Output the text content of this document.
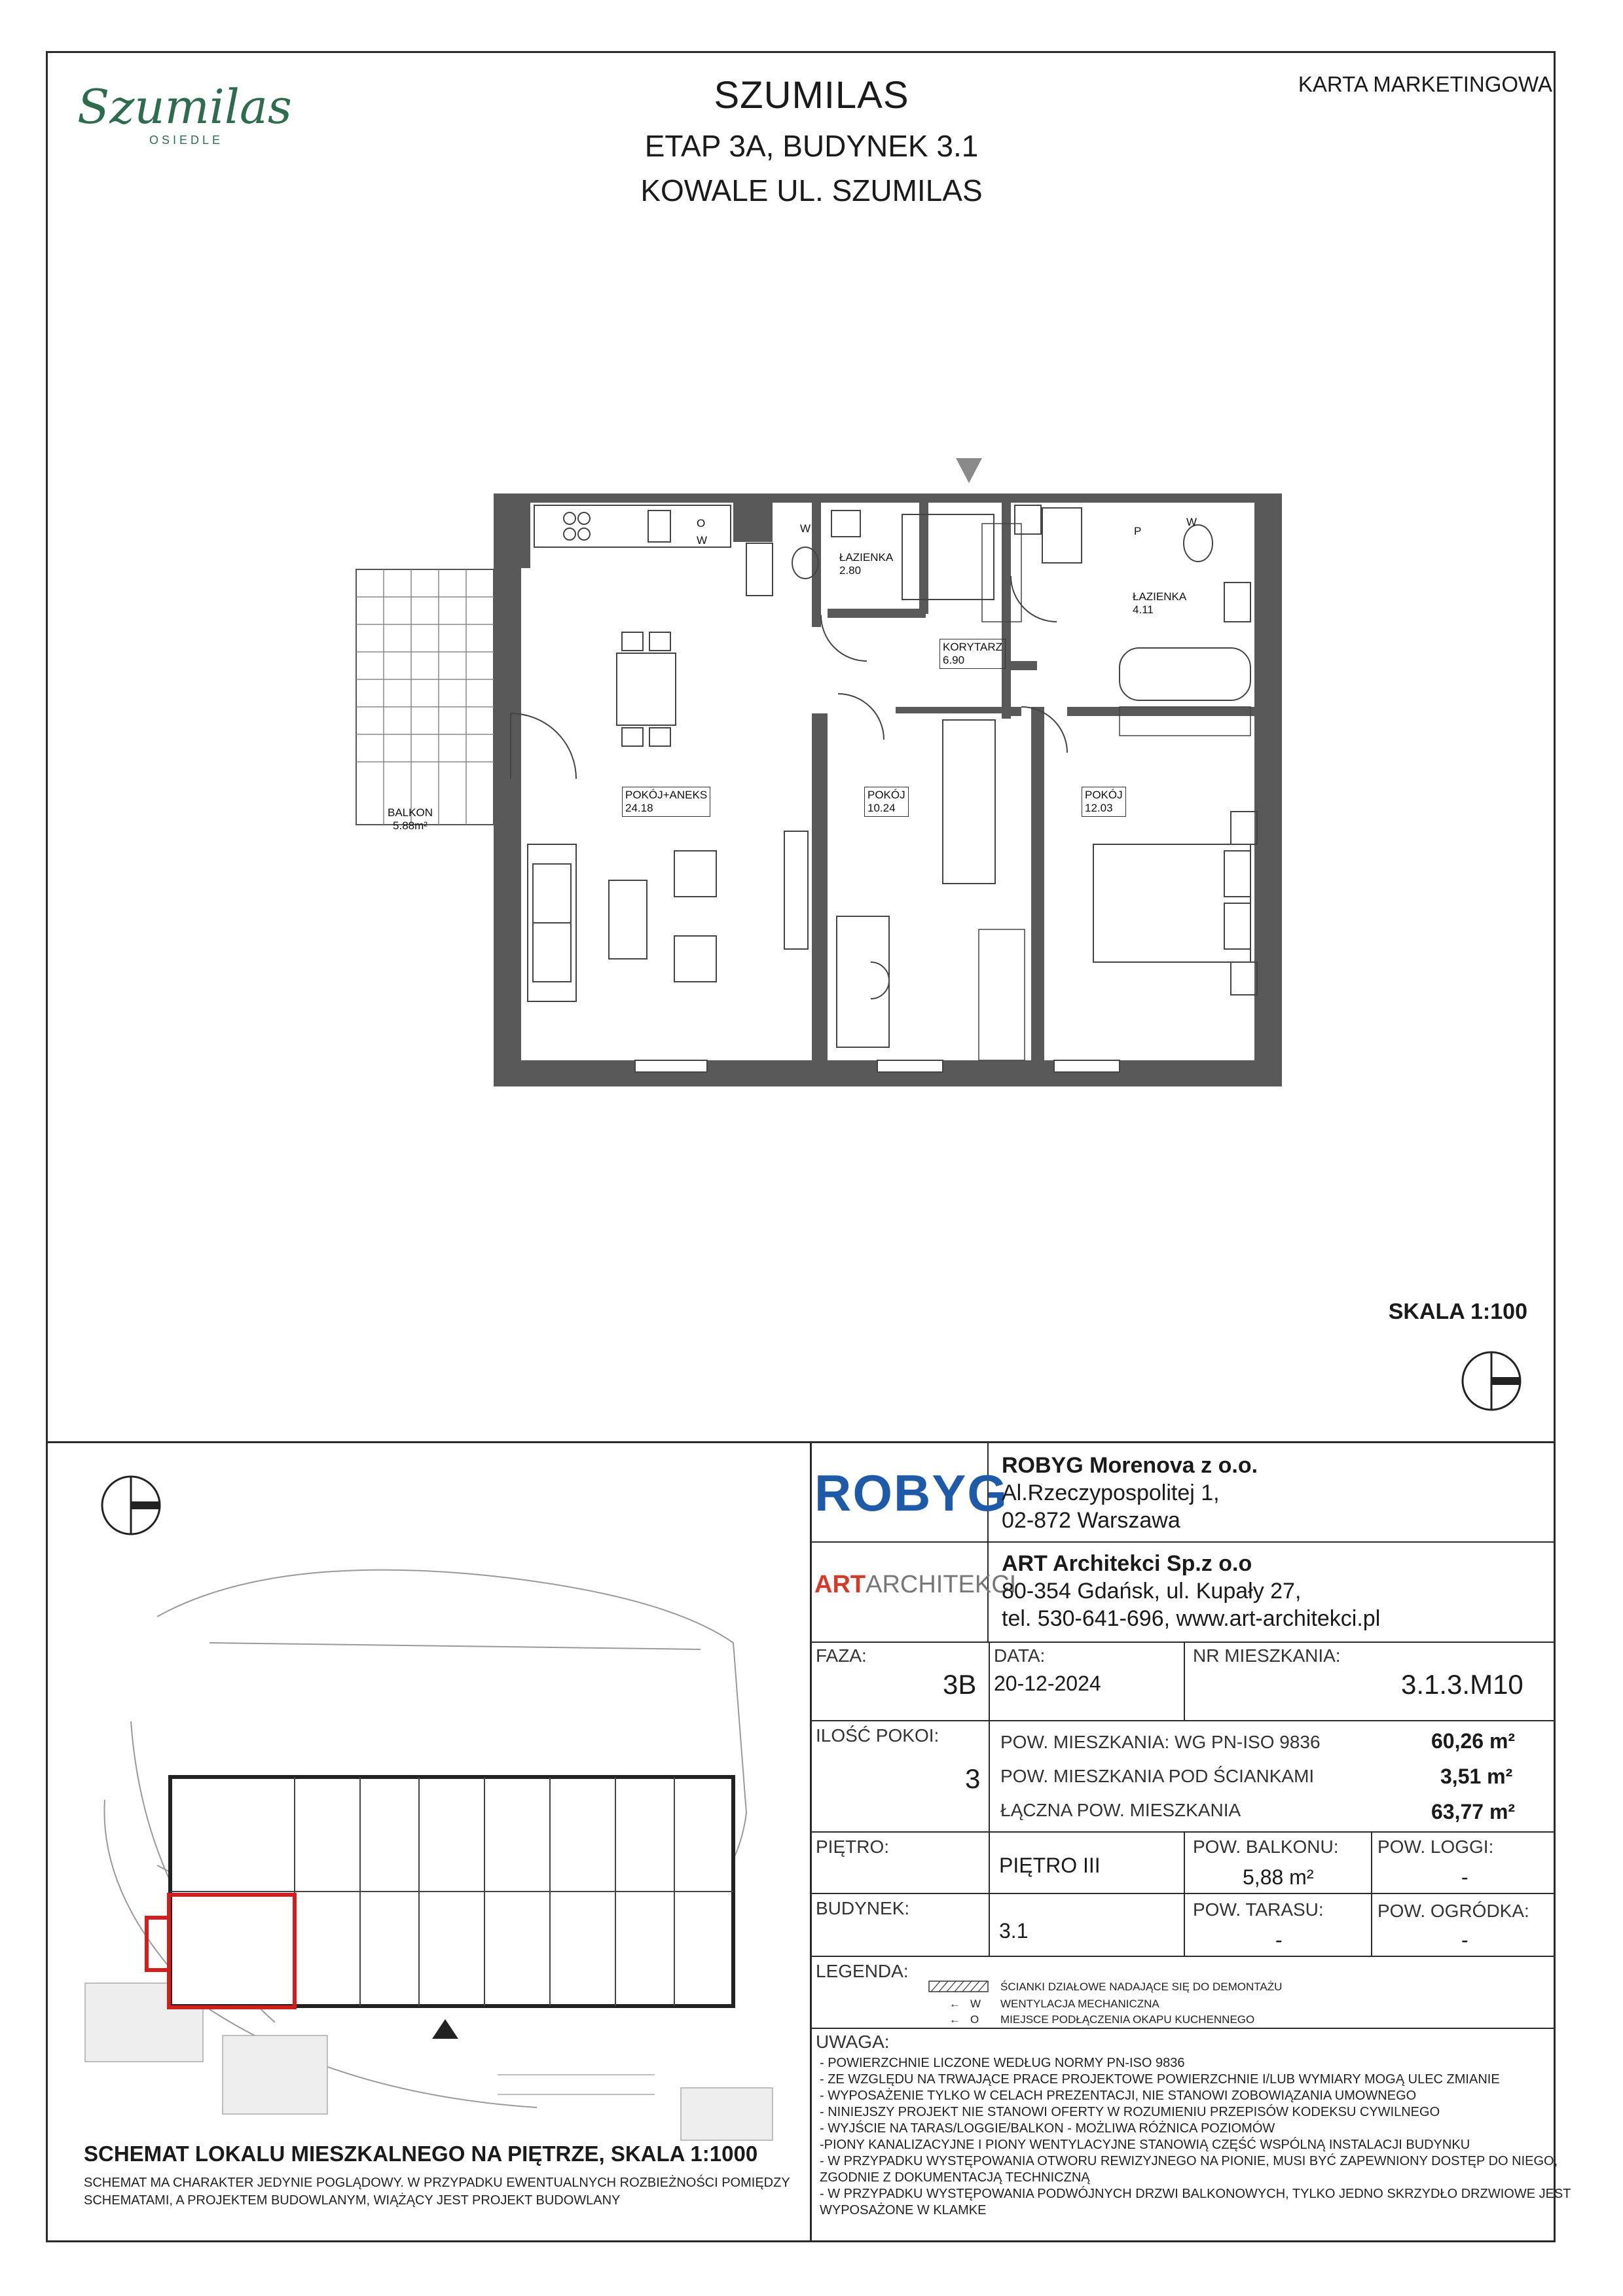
Szumilas
OSIEDLE
SZUMILAS
ETAP 3A, BUDYNEK 3.1
KOWALE UL. SZUMILAS
KARTA MARKETINGOWA
ŁAZIENKA
2.80
KORYTARZ
6.90
ŁAZIENKA
4.11
POKÓJ+ANEKS
24.18
POKÓJ
10.24
POKÓJ
12.03
BALKON
5.88m²
O
W
W
W
P
SKALA 1:100
SCHEMAT LOKALU MIESZKALNEGO NA PIĘTRZE, SKALA 1:1000
SCHEMAT MA CHARAKTER JEDYNIE POGLĄDOWY. W PRZYPADKU EWENTUALNYCH ROZBIEŻNOŚCI POMIĘDZY SCHEMATAMI, A PROJEKTEM BUDOWLANYM, WIĄŻĄCY JEST PROJEKT BUDOWLANY
ROBYG
ROBYG Morenova z o.o.
Al.Rzeczypospolitej 1,
02-872 Warszawa
ARTARCHITEKCI
ART Architekci Sp.z o.o
80-354 Gdańsk, ul. Kupały 27,
tel. 530-641-696, www.art-architekci.pl
FAZA:
3B
DATA:
20-12-2024
NR MIESZKANIA:
3.1.3.M10
ILOŚĆ POKOI:
3
POW. MIESZKANIA: WG PN-ISO 9836	60,26 m²
POW. MIESZKANIA POD ŚCIANKAMI	3,51 m²
ŁĄCZNA POW. MIESZKANIA	63,77 m²
PIĘTRO:
PIĘTRO III
POW. BALKONU:
5,88 m²
POW. LOGGI:
-
BUDYNEK:
3.1
POW. TARASU:
-
POW. OGRÓDKA:
-
LEGENDA:
ŚCIANKI DZIAŁOWE NADAJĄCE SIĘ DO DEMONTAŻU
← W WENTYLACJA MECHANICZNA
← O MIEJSCE PODŁĄCZENIA OKAPU KUCHENNEGO
UWAGA:
- POWIERZCHNIE LICZONE WEDŁUG NORMY PN-ISO 9836
- ZE WZGLĘDU NA TRWAJĄCE PRACE PROJEKTOWE POWIERZCHNIE I/LUB WYMIARY MOGĄ ULEC ZMIANIE
- WYPOSAŻENIE TYLKO W CELACH PREZENTACJI, NIE STANOWI ZOBOWIĄZANIA UMOWNEGO
- NINIEJSZY PROJEKT NIE STANOWI OFERTY W ROZUMIENIU PRZEPISÓW KODEKSU CYWILNEGO
- WYJŚCIE NA TARAS/LOGGIE/BALKON - MOŻLIWA RÓŻNICA POZIOMÓW
-PIONY KANALIZACYJNE I PIONY WENTYLACYJNE STANOWIĄ CZĘŚĆ WSPÓLNĄ INSTALACJI BUDYNKU
- W PRZYPADKU WYSTĘPOWANIA OTWORU REWIZYJNEGO NA PIONIE, MUSI BYĆ ZAPEWNIONY DOSTĘP DO NIEGO,
ZGODNIE Z DOKUMENTACJĄ TECHNICZNĄ
- W PRZYPADKU WYSTĘPOWANIA PODWÓJNYCH DRZWI BALKONOWYCH, TYLKO JEDNO SKRZYDŁO DRZWIOWE JEST
WYPOSAŻONE W KLAMKE
